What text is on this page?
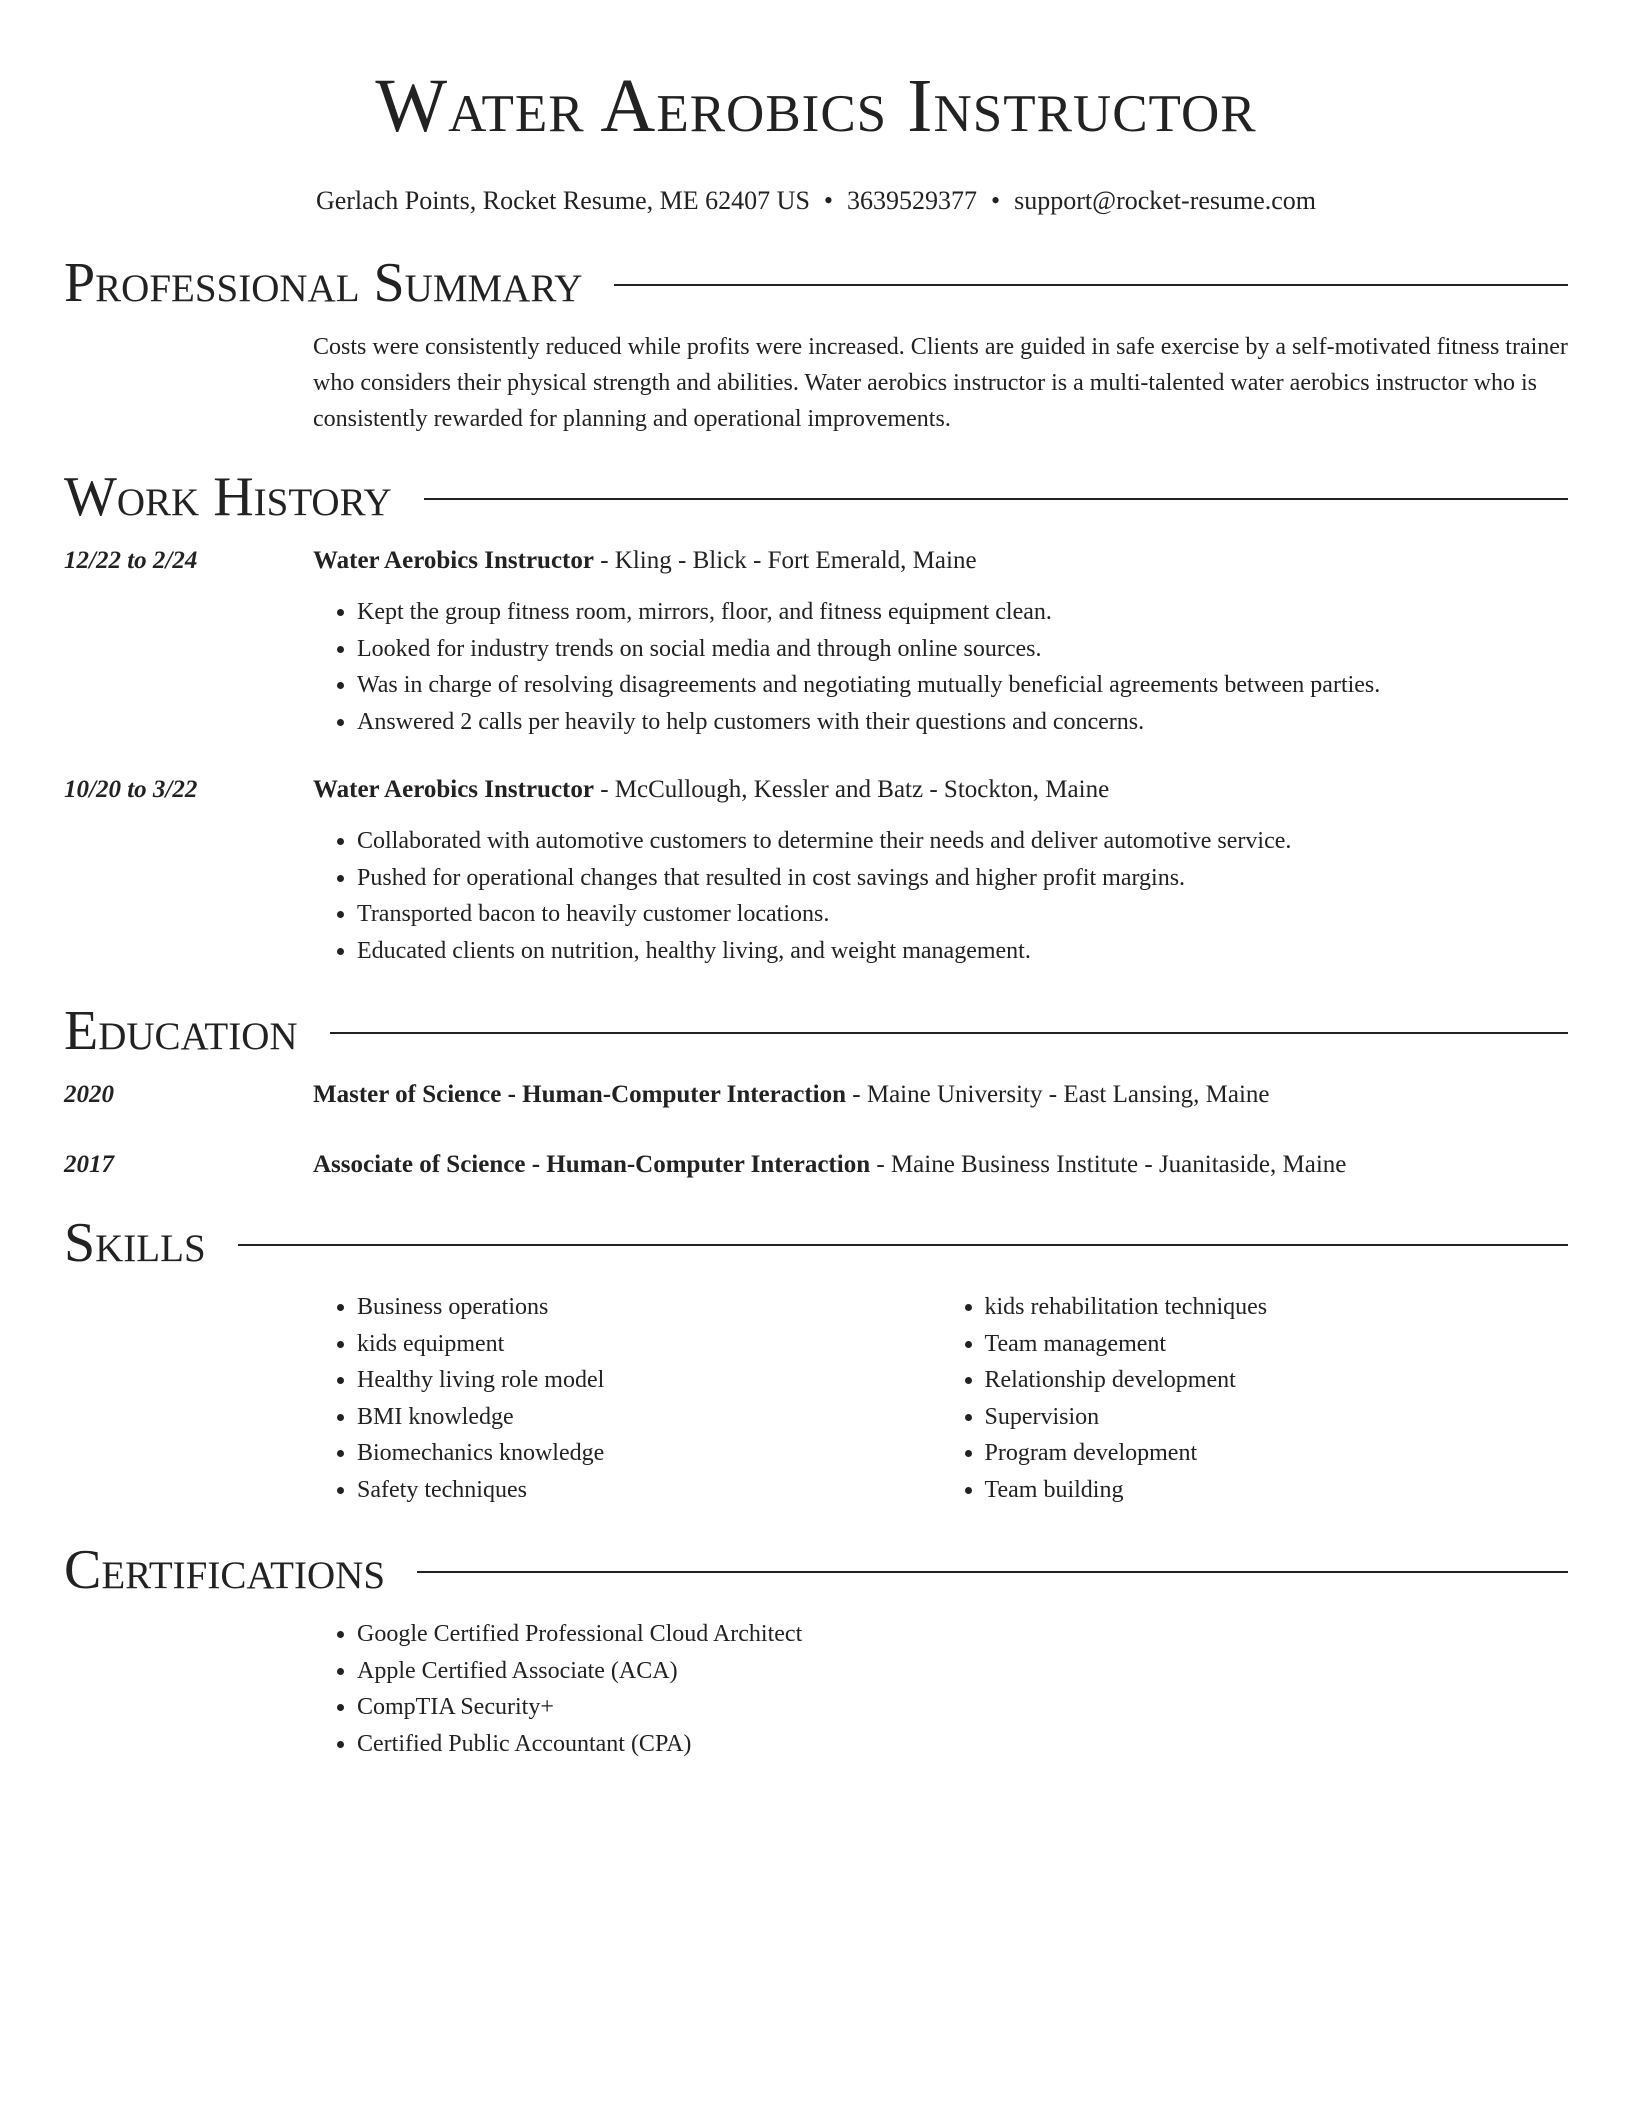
Water Aerobics Instructor
Gerlach Points, Rocket Resume, ME 62407 US • 3639529377 • support@rocket-resume.com
Professional Summary
Costs were consistently reduced while profits were increased. Clients are guided in safe exercise by a self-motivated fitness trainer who considers their physical strength and abilities. Water aerobics instructor is a multi-talented water aerobics instructor who is consistently rewarded for planning and operational improvements.
Work History
12/22 to 2/24	Water Aerobics Instructor - Kling - Blick - Fort Emerald, Maine
• Kept the group fitness room, mirrors, floor, and fitness equipment clean.
• Looked for industry trends on social media and through online sources.
• Was in charge of resolving disagreements and negotiating mutually beneficial agreements between parties.
• Answered 2 calls per heavily to help customers with their questions and concerns.
10/20 to 3/22	Water Aerobics Instructor - McCullough, Kessler and Batz - Stockton, Maine
• Collaborated with automotive customers to determine their needs and deliver automotive service.
• Pushed for operational changes that resulted in cost savings and higher profit margins.
• Transported bacon to heavily customer locations.
• Educated clients on nutrition, healthy living, and weight management.
Education
2020	Master of Science - Human-Computer Interaction - Maine University - East Lansing, Maine
2017	Associate of Science - Human-Computer Interaction - Maine Business Institute - Juanitaside, Maine
Skills
• Business operations
• kids equipment
• Healthy living role model
• BMI knowledge
• Biomechanics knowledge
• Safety techniques
• kids rehabilitation techniques
• Team management
• Relationship development
• Supervision
• Program development
• Team building
Certifications
• Google Certified Professional Cloud Architect
• Apple Certified Associate (ACA)
• CompTIA Security+
• Certified Public Accountant (CPA)
